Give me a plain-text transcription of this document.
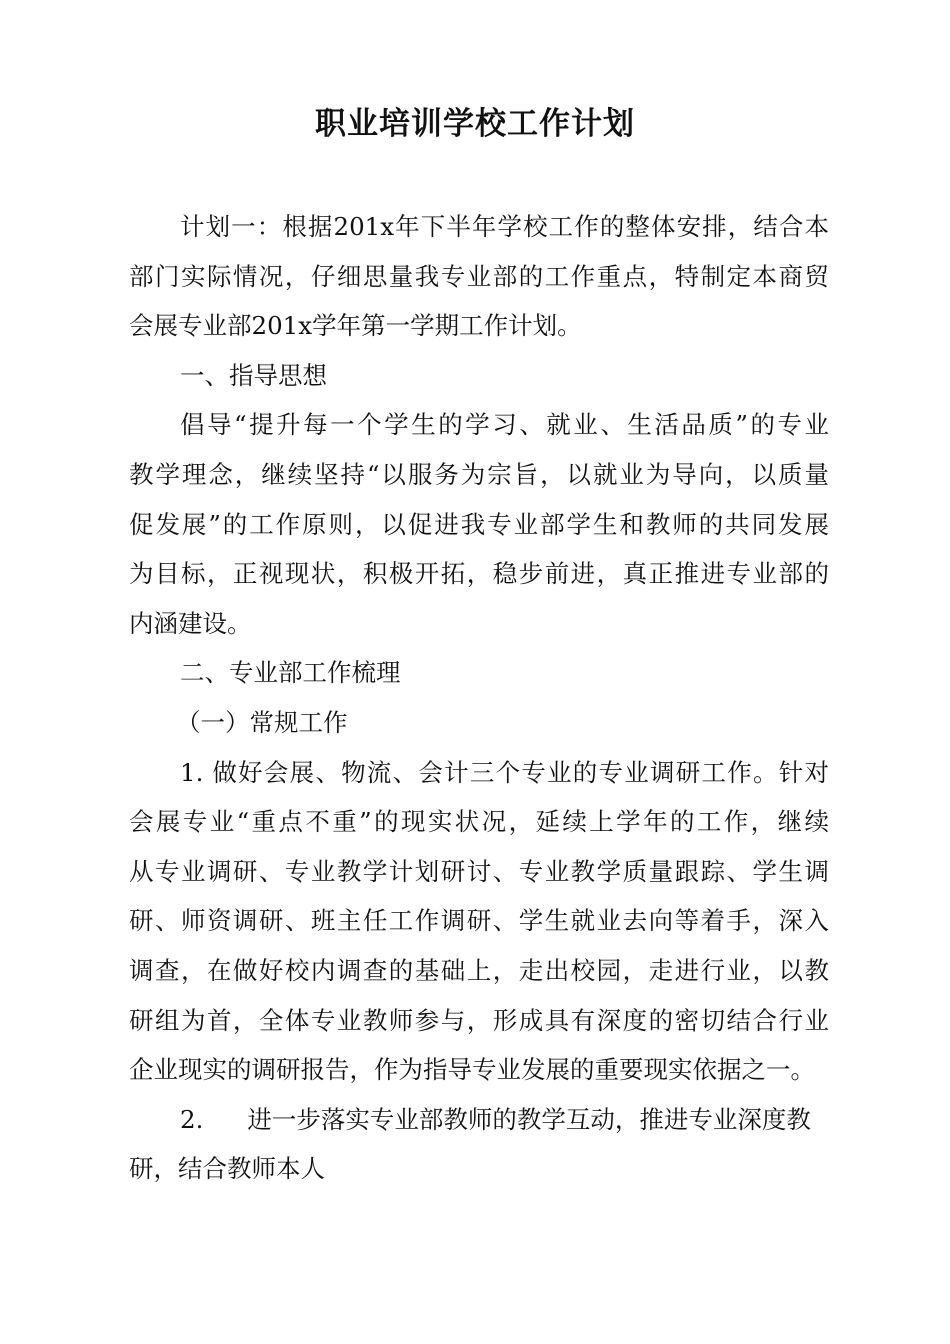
职业培训学校工作计划
计划一：根据201x年下半年学校工作的整体安排，结合本
部门实际情况，仔细思量我专业部的工作重点，特制定本商贸
会展专业部201x学年第一学期工作计划。
一、指导思想
倡导“提升每一个学生的学习、就业、生活品质”的专业
教学理念，继续坚持“以服务为宗旨，以就业为导向，以质量
促发展”的工作原则，以促进我专业部学生和教师的共同发展
为目标，正视现状，积极开拓，稳步前进，真正推进专业部的
内涵建设。
二、专业部工作梳理
（一）常规工作
1. 做好会展、物流、会计三个专业的专业调研工作。针对
会展专业“重点不重”的现实状况，延续上学年的工作，继续
从专业调研、专业教学计划研讨、专业教学质量跟踪、学生调
研、师资调研、班主任工作调研、学生就业去向等着手，深入
调查，在做好校内调查的基础上，走出校园，走进行业，以教
研组为首，全体专业教师参与，形成具有深度的密切结合行业
企业现实的调研报告，作为指导专业发展的重要现实依据之一。
2. 进一步落实专业部教师的教学互动，推进专业深度教
研，结合教师本人
